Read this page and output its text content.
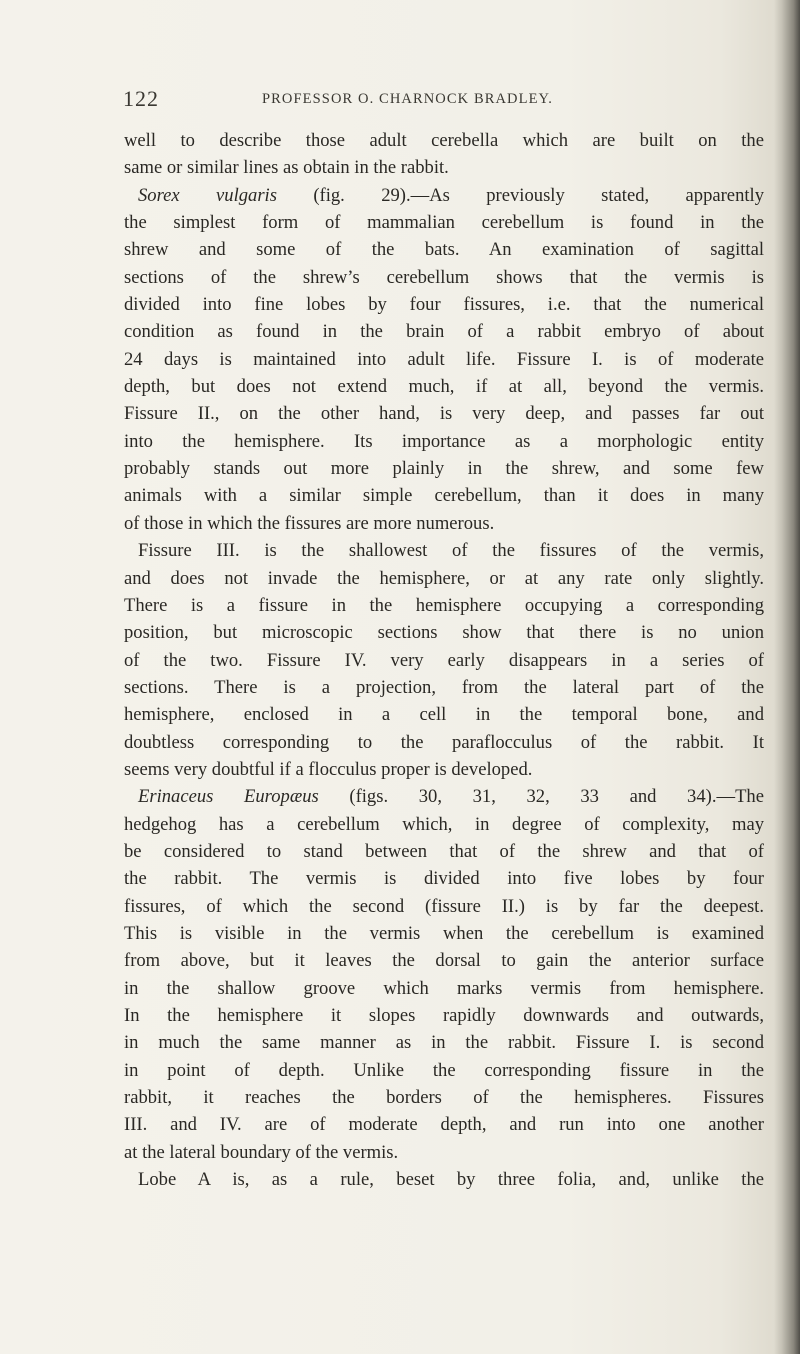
122	PROFESSOR O. CHARNOCK BRADLEY.
well to describe those adult cerebella which are built on the
same or similar lines as obtain in the rabbit.
Sorex vulgaris (fig. 29).—As previously stated, apparently
the simplest form of mammalian cerebellum is found in the
shrew and some of the bats. An examination of sagittal
sections of the shrew’s cerebellum shows that the vermis is
divided into fine lobes by four fissures, i.e. that the numerical
condition as found in the brain of a rabbit embryo of about
24 days is maintained into adult life. Fissure I. is of moderate
depth, but does not extend much, if at all, beyond the vermis.
Fissure II., on the other hand, is very deep, and passes far out
into the hemisphere. Its importance as a morphologic entity
probably stands out more plainly in the shrew, and some few
animals with a similar simple cerebellum, than it does in many
of those in which the fissures are more numerous.
Fissure III. is the shallowest of the fissures of the vermis,
and does not invade the hemisphere, or at any rate only slightly.
There is a fissure in the hemisphere occupying a corresponding
position, but microscopic sections show that there is no union
of the two. Fissure IV. very early disappears in a series of
sections. There is a projection, from the lateral part of the
hemisphere, enclosed in a cell in the temporal bone, and
doubtless corresponding to the paraflocculus of the rabbit. It
seems very doubtful if a flocculus proper is developed.
Erinaceus Europæus (figs. 30, 31, 32, 33 and 34).—The
hedgehog has a cerebellum which, in degree of complexity, may
be considered to stand between that of the shrew and that of
the rabbit. The vermis is divided into five lobes by four
fissures, of which the second (fissure II.) is by far the deepest.
This is visible in the vermis when the cerebellum is examined
from above, but it leaves the dorsal to gain the anterior surface
in the shallow groove which marks vermis from hemisphere.
In the hemisphere it slopes rapidly downwards and outwards,
in much the same manner as in the rabbit. Fissure I. is second
in point of depth. Unlike the corresponding fissure in the
rabbit, it reaches the borders of the hemispheres. Fissures
III. and IV. are of moderate depth, and run into one another
at the lateral boundary of the vermis.
Lobe A is, as a rule, beset by three folia, and, unlike the
